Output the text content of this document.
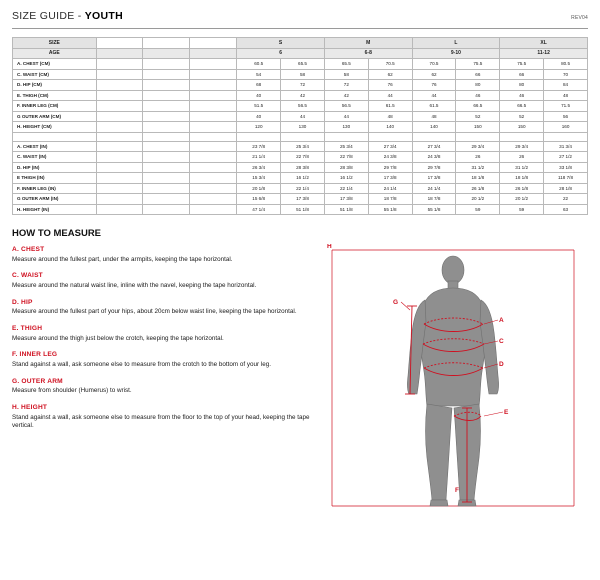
SIZE GUIDE - YOUTH	REV04
SIZE				S		M		L		XL	
AGE				6		6-8		9-10		11-12	
A. CHEST (CM)				60.5	65.5	65.5	70.5	70.5	75.5	75.5	80.5
C. WAIST (CM)				54	58	58	62	62	66	66	70
D. HIP (CM)				68	72	72	76	76	80	80	84
E. THIGH (CM)				40	42	42	44	44	46	46	48
F. INNER LEG (CM)				51.5	56.5	56.5	61.5	61.5	66.5	66.5	71.5
G OUTER ARM (CM)				40	44	44	48	48	52	52	56
H. HEIGHT (CM)				120	130	130	140	140	150	150	160

A. CHEST (IN)				23 7/8	25 3/4	25 3/4	27 3/4	27 3/4	29 3/4	29 3/4	31 3/4
C. WAIST (IN)				21 1/4	22 7/8	22 7/8	24 3/8	24 3/8	26	26	27 1/2
D. HIP (IN)				26 3/4	28 3/8	28 3/8	29 7/8	29 7/8	31 1/2	31 1/2	33 1/8
E THIGH (IN)				15 3/4	16 1/2	16 1/2	17 3/8	17 3/8	18 1/8	18 1/8	118 7/8
F. INNER LEG (IN)				20 1/8	22 1/4	22 1/4	24 1/4	24 1/4	26 1/8	26 1/8	28 1/8
G OUTER ARM (IN)				15 6/8	17 3/8	17 3/8	18 7/8	18 7/8	20 1/2	20 1/2	22
H. HEIGHT (IN)				47 1/4	51 1/8	51 1/8	55 1/8	55 1/8	59	59	63
HOW TO MEASURE
A. CHEST
Measure around the fullest part, under the armpits, keeping the tape horizontal.
C. WAIST
Measure around the natural waist line, inline with the navel, keeping the tape horizontal.
D. HIP
Measure around the fullest part of your hips, about 20cm below waist line, keeping the tape horizontal.
E. THIGH
Measure around the thigh just below the crotch, keeping the tape horizontal.
F. INNER LEG
Stand against a wall, ask someone else to measure from the crotch to the bottom of your leg.
G. OUTER ARM
Measure from shoulder (Humerus) to wrist.
H. HEIGHT
Stand against a wall, ask someone else to measure from the floor to the top of your head, keeping the tape vertical.
H
G
A
C
D
E
F
